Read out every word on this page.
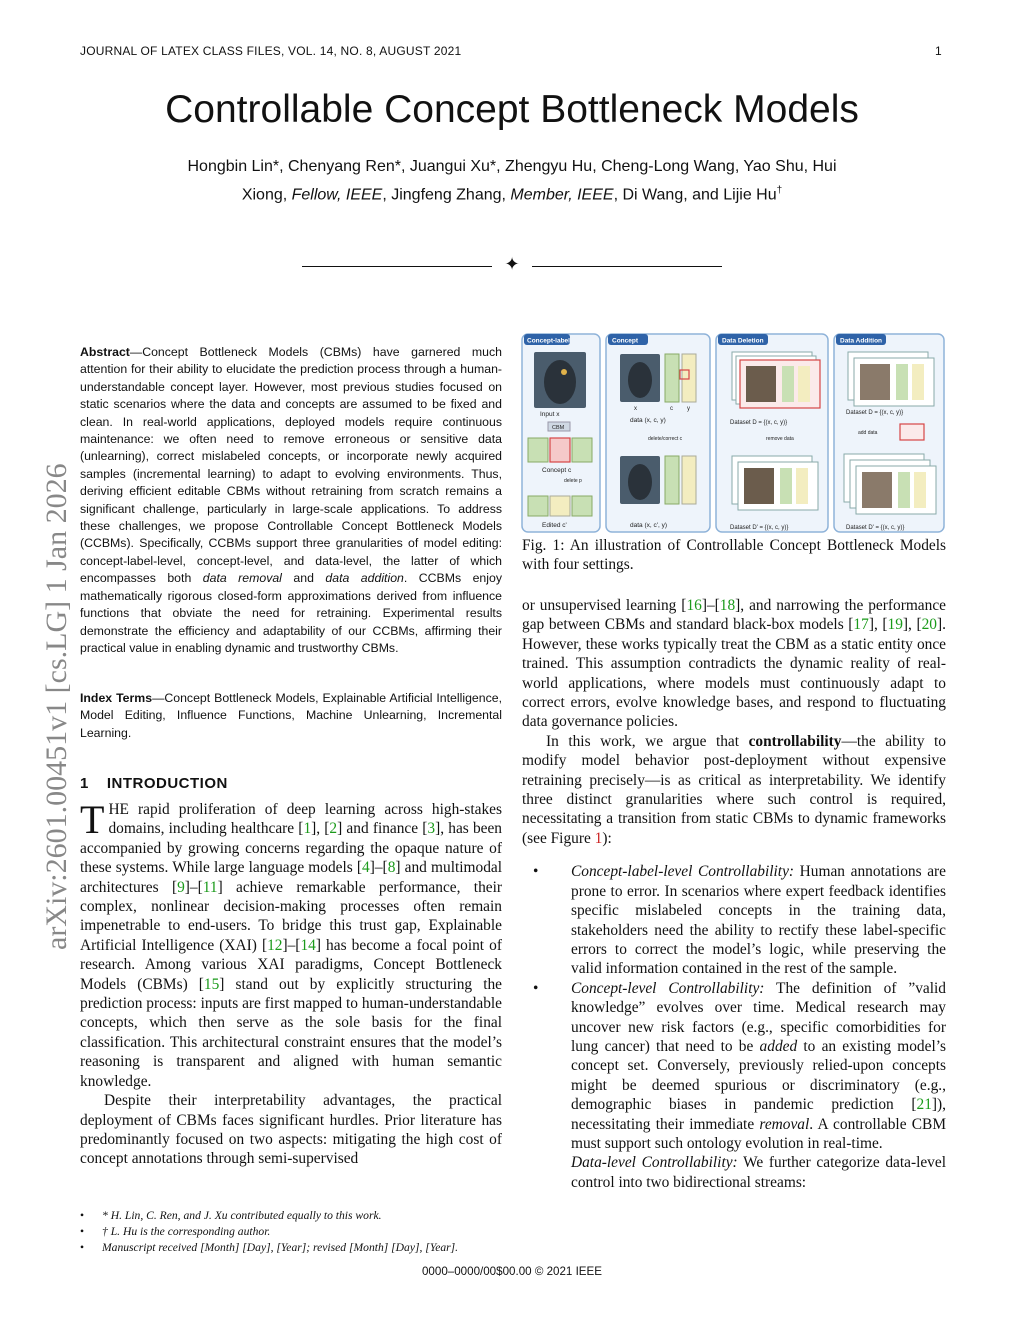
JOURNAL OF LATEX CLASS FILES, VOL. 14, NO. 8, AUGUST 2021	1
Controllable Concept Bottleneck Models
Hongbin Lin*, Chenyang Ren*, Juangui Xu*, Zhengyu Hu, Cheng-Long Wang, Yao Shu, Hui
Xiong, Fellow, IEEE, Jingfeng Zhang, Member, IEEE, Di Wang, and Lijie Hu†
✦
arXiv:2601.00451v1 [cs.LG] 1 Jan 2026
Abstract—Concept Bottleneck Models (CBMs) have garnered much attention for their ability to elucidate the prediction process through a human-understandable concept layer. However, most previous studies focused on static scenarios where the data and concepts are assumed to be fixed and clean. In real-world applications, deployed models require continuous maintenance: we often need to remove erroneous or sensitive data (unlearning), correct mislabeled concepts, or incorporate newly acquired samples (incremental learning) to adapt to evolving environments. Thus, deriving efficient editable CBMs without retraining from scratch remains a significant challenge, particularly in large-scale applications. To address these challenges, we propose Controllable Concept Bottleneck Models (CCBMs). Specifically, CCBMs support three granularities of model editing: concept-label-level, concept-level, and data-level, the latter of which encompasses both data removal and data addition. CCBMs enjoy mathematically rigorous closed-form approximations derived from influence functions that obviate the need for retraining. Experimental results demonstrate the efficiency and adaptability of our CCBMs, affirming their practical value in enabling dynamic and trustworthy CBMs.
Index Terms—Concept Bottleneck Models, Explainable Artificial Intelligence, Model Editing, Influence Functions, Machine Unlearning, Incremental Learning.
1 INTRODUCTION

THE rapid proliferation of deep learning across high-stakes domains, including healthcare [1], [2] and finance [3], has been accompanied by growing concerns regarding the opaque nature of these systems. While large language models [4]–[8] and multimodal architectures [9]–[11] achieve remarkable performance, their complex, nonlinear decision-making processes often remain impenetrable to end-users. To bridge this trust gap, Explainable Artificial Intelligence (XAI) [12]–[14] has become a focal point of research. Among various XAI paradigms, Concept Bottleneck Models (CBMs) [15] stand out by explicitly structuring the prediction process: inputs are first mapped to human-understandable concepts, which then serve as the sole basis for the final classification. This architectural constraint ensures that the model’s reasoning is transparent and aligned with human semantic knowledge.

Despite their interpretability advantages, the practical deployment of CBMs faces significant hurdles. Prior literature has predominantly focused on two aspects: mitigating the high cost of concept annotations through semi-supervised

• * H. Lin, C. Ren, and J. Xu contributed equally to this work.
• † L. Hu is the corresponding author.
• Manuscript received [Month] [Day], [Year]; revised [Month] [Day], [Year].
Concept-label	Concept	Data Deletion	Data Addition
Input x
CBM
Concept c
delete p
Edited c'
x	c y
data (x, c, y)
delete/correct c
data (x, c', y)
Dataset D = {(x, c, y)}
remove data
Dataset D' = {(x, c, y)}
Dataset D = {(x, c, y)}
add data
Dataset D' = {(x, c, y)}
Fig. 1: An illustration of Controllable Concept Bottleneck Models with four settings.

or unsupervised learning [16]–[18], and narrowing the performance gap between CBMs and standard black-box models [17], [19], [20]. However, these works typically treat the CBM as a static entity once trained. This assumption contradicts the dynamic reality of real-world applications, where models must continuously adapt to correct errors, evolve knowledge bases, and respond to fluctuating data governance policies.

In this work, we argue that controllability—the ability to modify model behavior post-deployment without expensive retraining precisely—is as critical as interpretability. We identify three distinct granularities where such control is required, necessitating a transition from static CBMs to dynamic frameworks (see Figure 1):

• Concept-label-level Controllability: Human annotations are prone to error. In scenarios where expert feedback identifies specific mislabeled concepts in the training data, stakeholders need the ability to rectify these label-specific errors to correct the model’s logic, while preserving the valid information contained in the rest of the sample.

• Concept-level Controllability: The definition of ”valid knowledge” evolves over time. Medical research may uncover new risk factors (e.g., specific comorbidities for lung cancer) that need to be added to an existing model’s concept set. Conversely, previously relied-upon concepts might be deemed spurious or discriminatory (e.g., demographic biases in pandemic prediction [21]), necessitating their immediate removal. A controllable CBM must support such ontology evolution in real-time.

Data-level Controllability: We further categorize data-level control into two bidirectional streams:

0000–0000/00$00.00 © 2021 IEEE
